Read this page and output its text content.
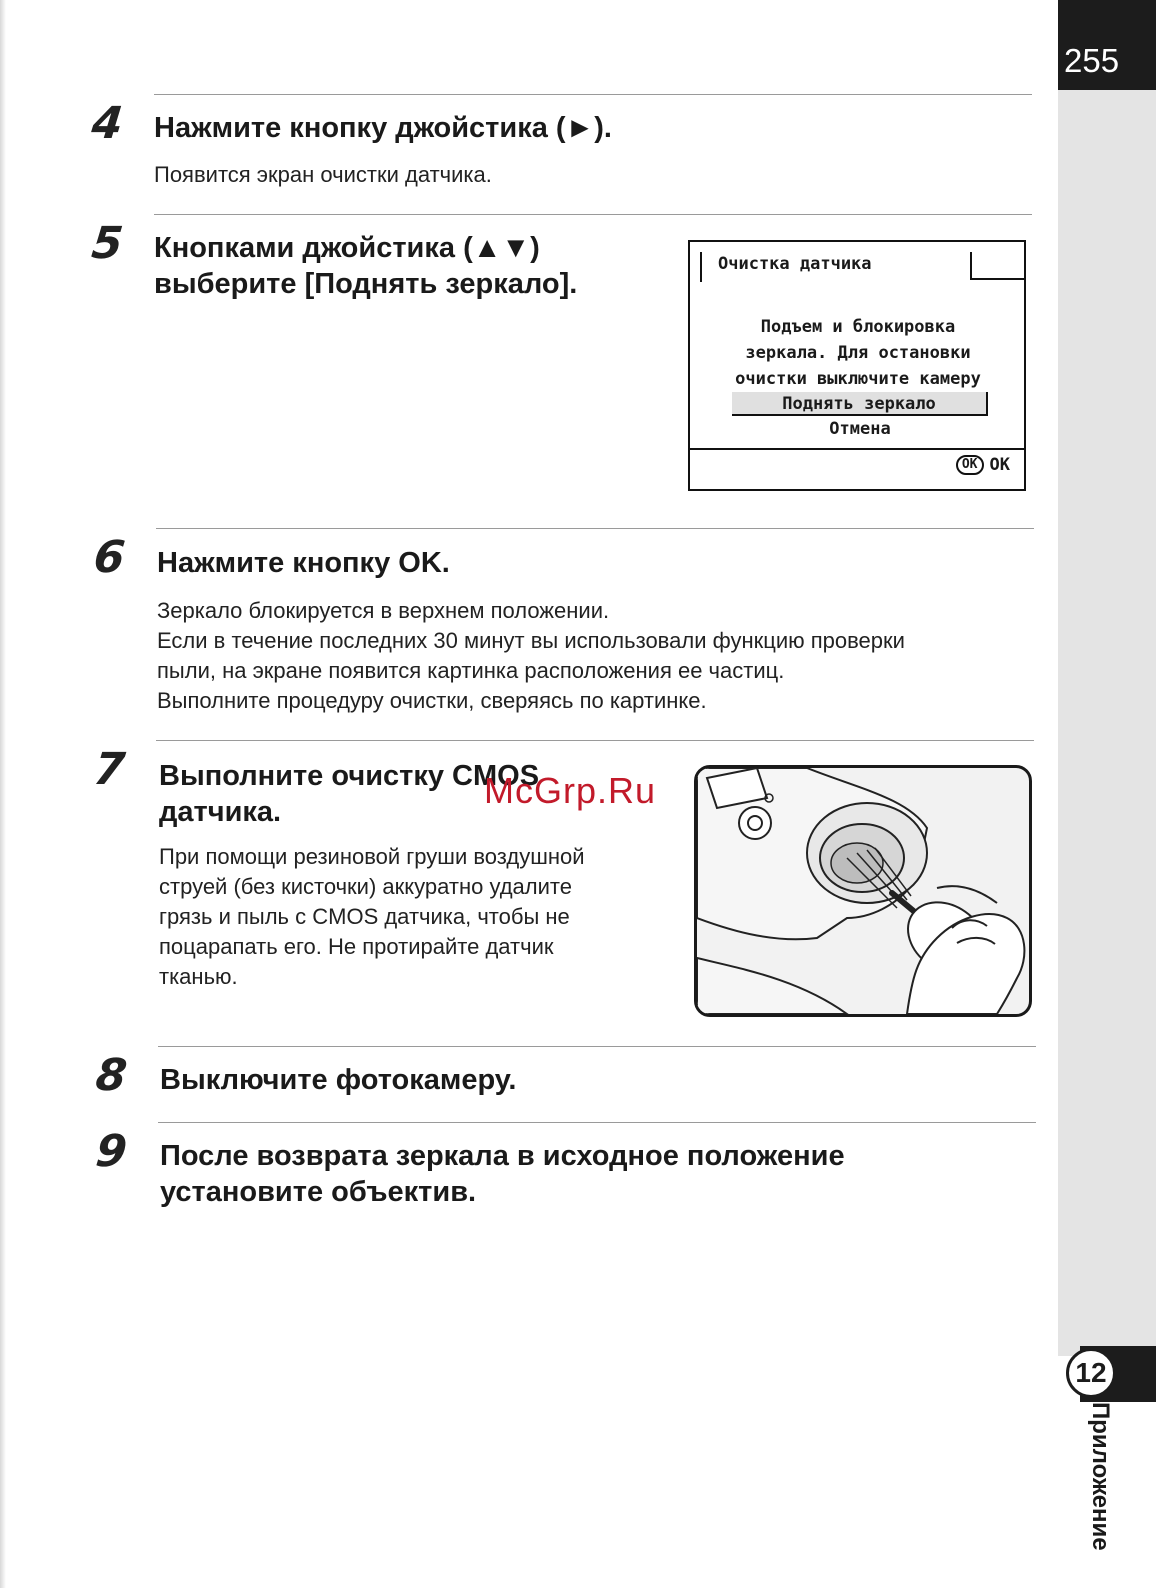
255
12
Приложение
4 Нажмите кнопку джойстика (►).
Появится экран очистки датчика.
5 Кнопками джойстика (▲▼)
выберите [Поднять зеркало].
Очистка датчика
Подъем и блокировка
зеркала. Для остановки
очистки выключите камеру
Поднять зеркало
Отмена
OK OK
6 Нажмите кнопку OK.
Зеркало блокируется в верхнем положении.
Если в течение последних 30 минут вы использовали функцию проверки
пыли, на экране появится картинка расположения ее частиц.
Выполните процедуру очистки, сверяясь по картинке.
7 Выполните очистку CMOS
датчика.
При помощи резиновой груши воздушной
струей (без кисточки) аккуратно удалите
грязь и пыль с CMOS датчика, чтобы не
поцарапать его. Не протирайте датчик
тканью.
McGrp.Ru
8 Выключите фотокамеру.
9 После возврата зеркала в исходное положение
установите объектив.
